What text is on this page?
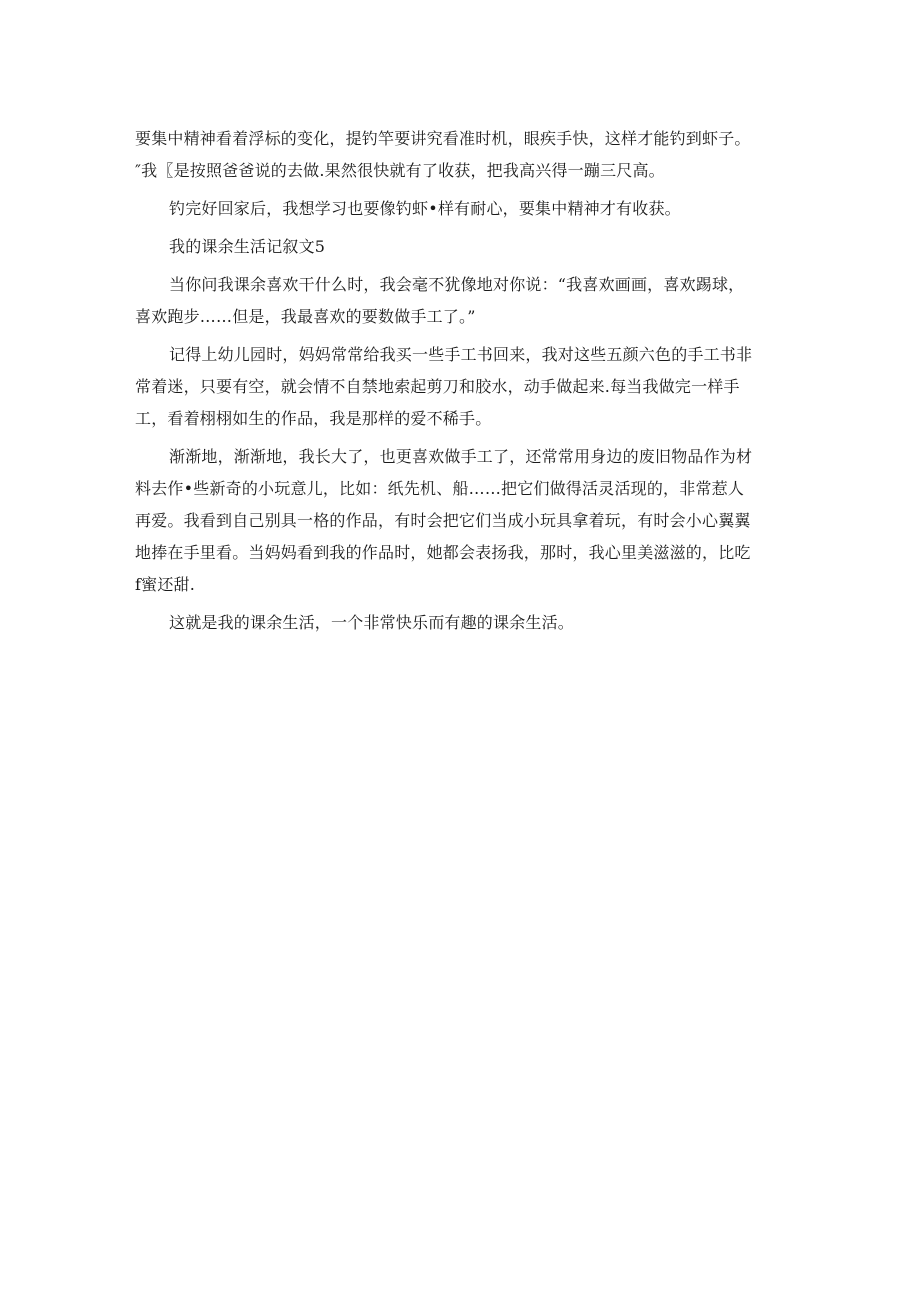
要集中精神看着浮标的变化，提钓竿要讲究看准时机，眼疾手快，这样才能钓到虾子。
″我〖是按照爸爸说的去做.果然很快就有了收获，把我高兴得一蹦三尺高。
钓完好回家后，我想学习也要像钓虾•样有耐心，要集中精神才有收获。
我的课余生活记叙文5
当你问我课余喜欢干什么时，我会毫不犹像地对你说：“我喜欢画画，喜欢踢球，
喜欢跑步……但是，我最喜欢的要数做手工了。”
记得上幼儿园时，妈妈常常给我买一些手工书回来，我对这些五颜六色的手工书非
常着迷，只要有空，就会情不自禁地索起剪刀和胶水，动手做起来.每当我做完一样手
工，看着栩栩如生的作品，我是那样的爱不稀手。
渐渐地，渐渐地，我长大了，也更喜欢做手工了，还常常用身边的废旧物品作为材
料去作•些新奇的小玩意儿，比如：纸先机、船……把它们做得活灵活现的，非常惹人
再爱。我看到自己别具一格的作品，有时会把它们当成小玩具拿着玩，有时会小心翼翼
地捧在手里看。当妈妈看到我的作品时，她都会表扬我，那时，我心里美滋滋的，比吃
f蜜还甜.
这就是我的课余生活，一个非常快乐而有趣的课余生活。
